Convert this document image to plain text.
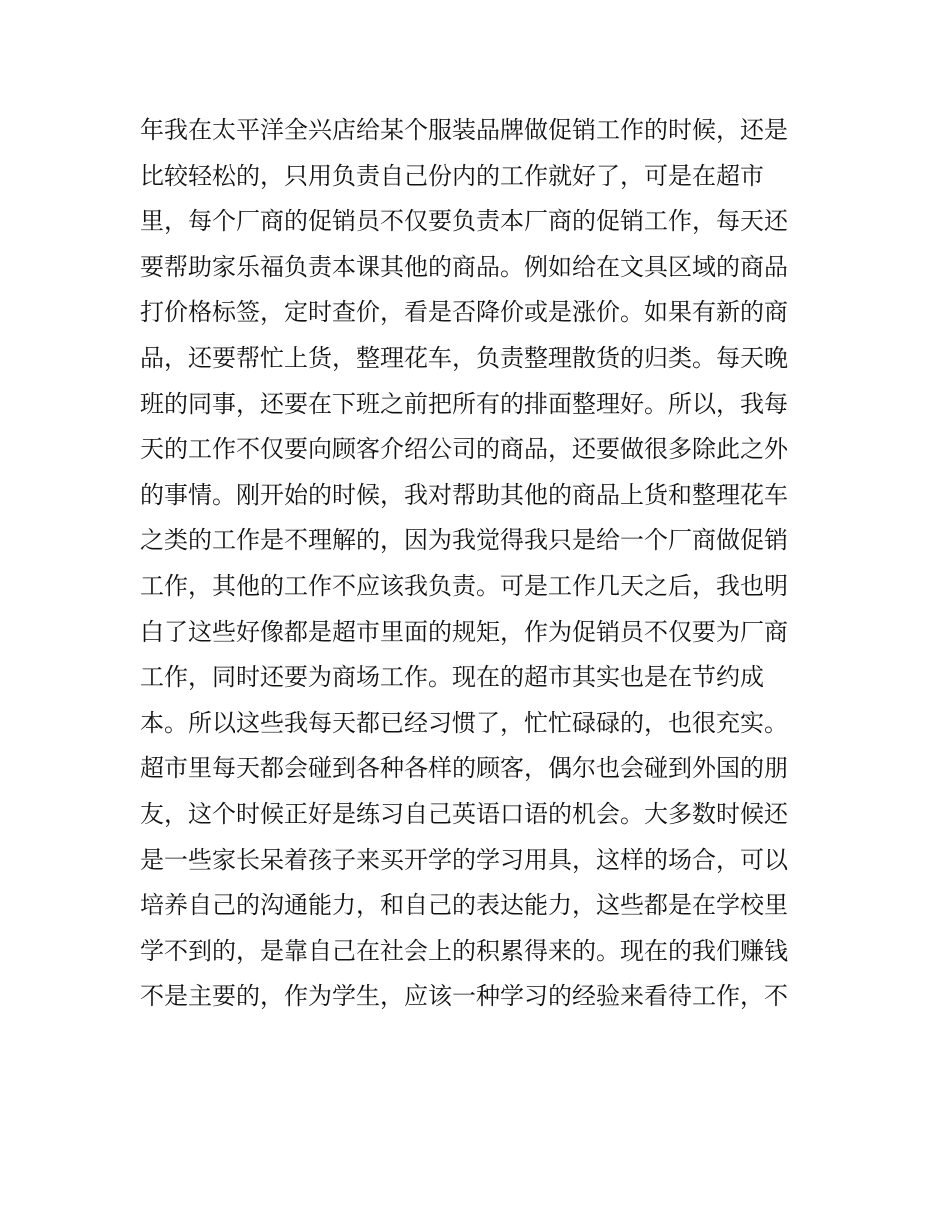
年我在太平洋全兴店给某个服装品牌做促销工作的时候，还是
比较轻松的，只用负责自己份内的工作就好了，可是在超市
里，每个厂商的促销员不仅要负责本厂商的促销工作，每天还
要帮助家乐福负责本课其他的商品。例如给在文具区域的商品
打价格标签，定时查价，看是否降价或是涨价。如果有新的商
品，还要帮忙上货，整理花车，负责整理散货的归类。每天晚
班的同事，还要在下班之前把所有的排面整理好。所以，我每
天的工作不仅要向顾客介绍公司的商品，还要做很多除此之外
的事情。刚开始的时候，我对帮助其他的商品上货和整理花车
之类的工作是不理解的，因为我觉得我只是给一个厂商做促销
工作，其他的工作不应该我负责。可是工作几天之后，我也明
白了这些好像都是超市里面的规矩，作为促销员不仅要为厂商
工作，同时还要为商场工作。现在的超市其实也是在节约成
本。所以这些我每天都已经习惯了，忙忙碌碌的，也很充实。
超市里每天都会碰到各种各样的顾客，偶尔也会碰到外国的朋
友，这个时候正好是练习自己英语口语的机会。大多数时候还
是一些家长呆着孩子来买开学的学习用具，这样的场合，可以
培养自己的沟通能力，和自己的表达能力，这些都是在学校里
学不到的，是靠自己在社会上的积累得来的。现在的我们赚钱
不是主要的，作为学生，应该一种学习的经验来看待工作，不
